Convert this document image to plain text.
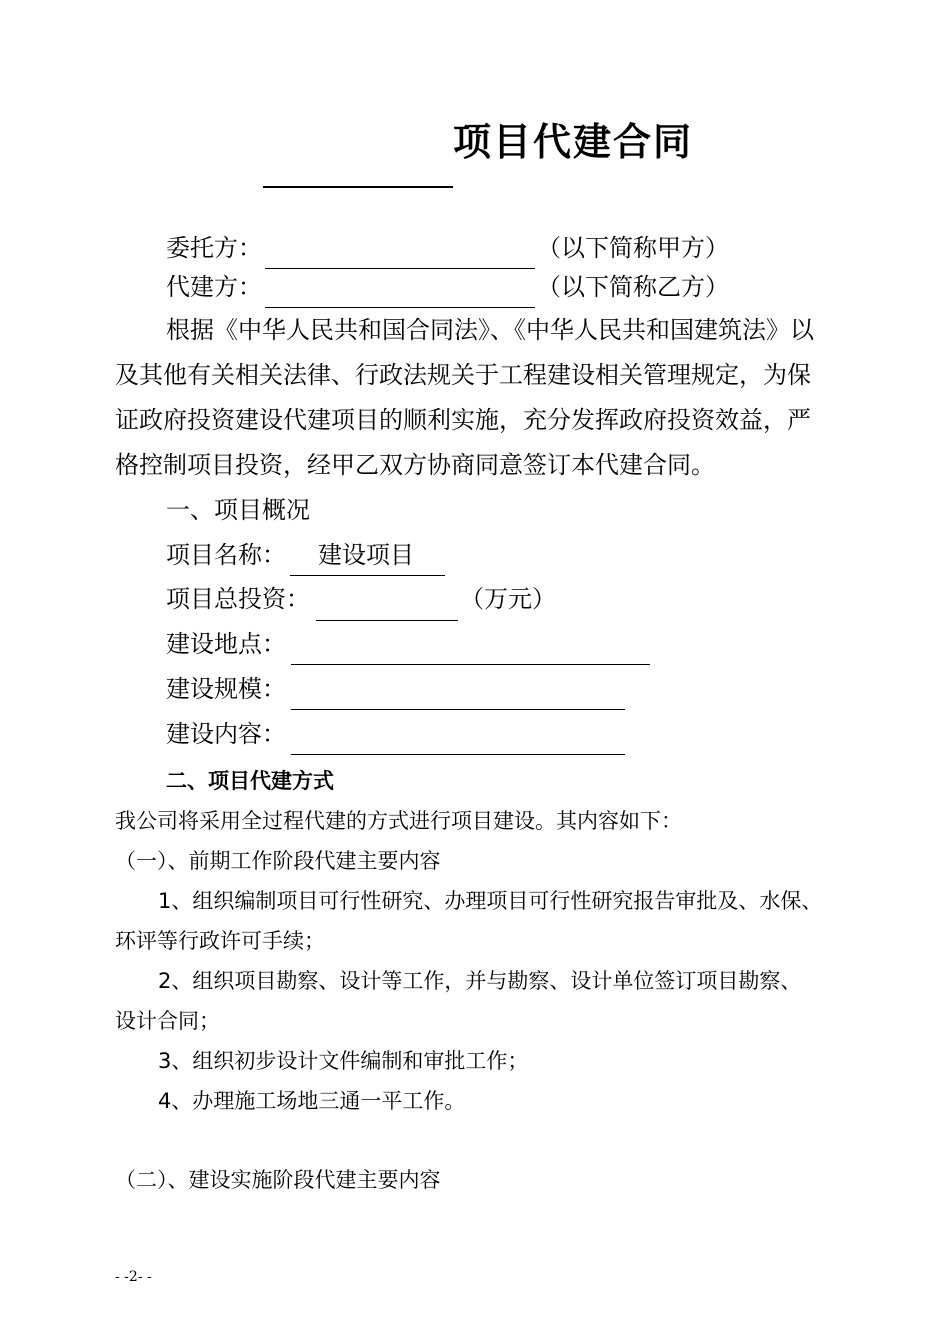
项目代建合同
委托方：	（以下简称甲方）
代建方：	（以下简称乙方）
根据《中华人民共和国合同法》、《中华人民共和国建筑法》以
及其他有关相关法律、行政法规关于工程建设相关管理规定，为保
证政府投资建设代建项目的顺利实施，充分发挥政府投资效益，严
格控制项目投资，经甲乙双方协商同意签订本代建合同。
一、项目概况
项目名称： 建设项目
项目总投资：	（万元）
建设地点：
建设规模：
建设内容：
二、项目代建方式
我公司将采用全过程代建的方式进行项目建设。其内容如下：
（一）、前期工作阶段代建主要内容
1、组织编制项目可行性研究、办理项目可行性研究报告审批及、水保、
环评等行政许可手续；
2、组织项目勘察、设计等工作，并与勘察、设计单位签订项目勘察、
设计合同；
3、组织初步设计文件编制和审批工作；
4、办理施工场地三通一平工作。
（二）、建设实施阶段代建主要内容
- -2- -
